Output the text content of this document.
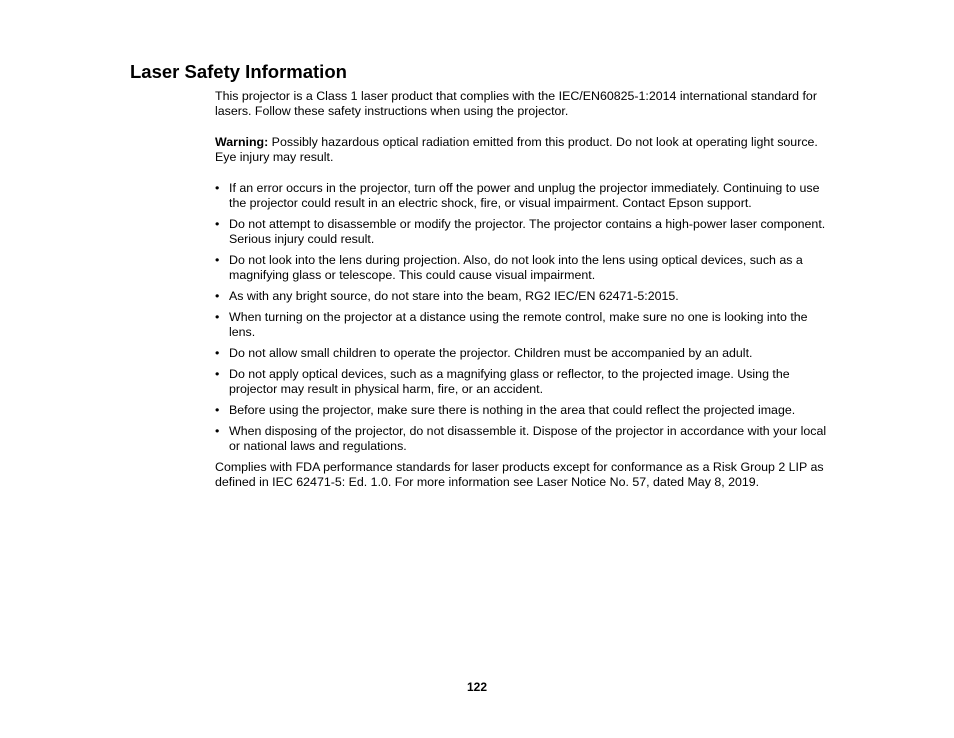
Laser Safety Information

This projector is a Class 1 laser product that complies with the IEC/EN60825-1:2014 international standard for lasers. Follow these safety instructions when using the projector.

Warning: Possibly hazardous optical radiation emitted from this product. Do not look at operating light source. Eye injury may result.

• If an error occurs in the projector, turn off the power and unplug the projector immediately. Continuing to use the projector could result in an electric shock, fire, or visual impairment. Contact Epson support.
• Do not attempt to disassemble or modify the projector. The projector contains a high-power laser component. Serious injury could result.
• Do not look into the lens during projection. Also, do not look into the lens using optical devices, such as a magnifying glass or telescope. This could cause visual impairment.
• As with any bright source, do not stare into the beam, RG2 IEC/EN 62471-5:2015.
• When turning on the projector at a distance using the remote control, make sure no one is looking into the lens.
• Do not allow small children to operate the projector. Children must be accompanied by an adult.
• Do not apply optical devices, such as a magnifying glass or reflector, to the projected image. Using the projector may result in physical harm, fire, or an accident.
• Before using the projector, make sure there is nothing in the area that could reflect the projected image.
• When disposing of the projector, do not disassemble it. Dispose of the projector in accordance with your local or national laws and regulations.

Complies with FDA performance standards for laser products except for conformance as a Risk Group 2 LIP as defined in IEC 62471-5: Ed. 1.0. For more information see Laser Notice No. 57, dated May 8, 2019.

122
